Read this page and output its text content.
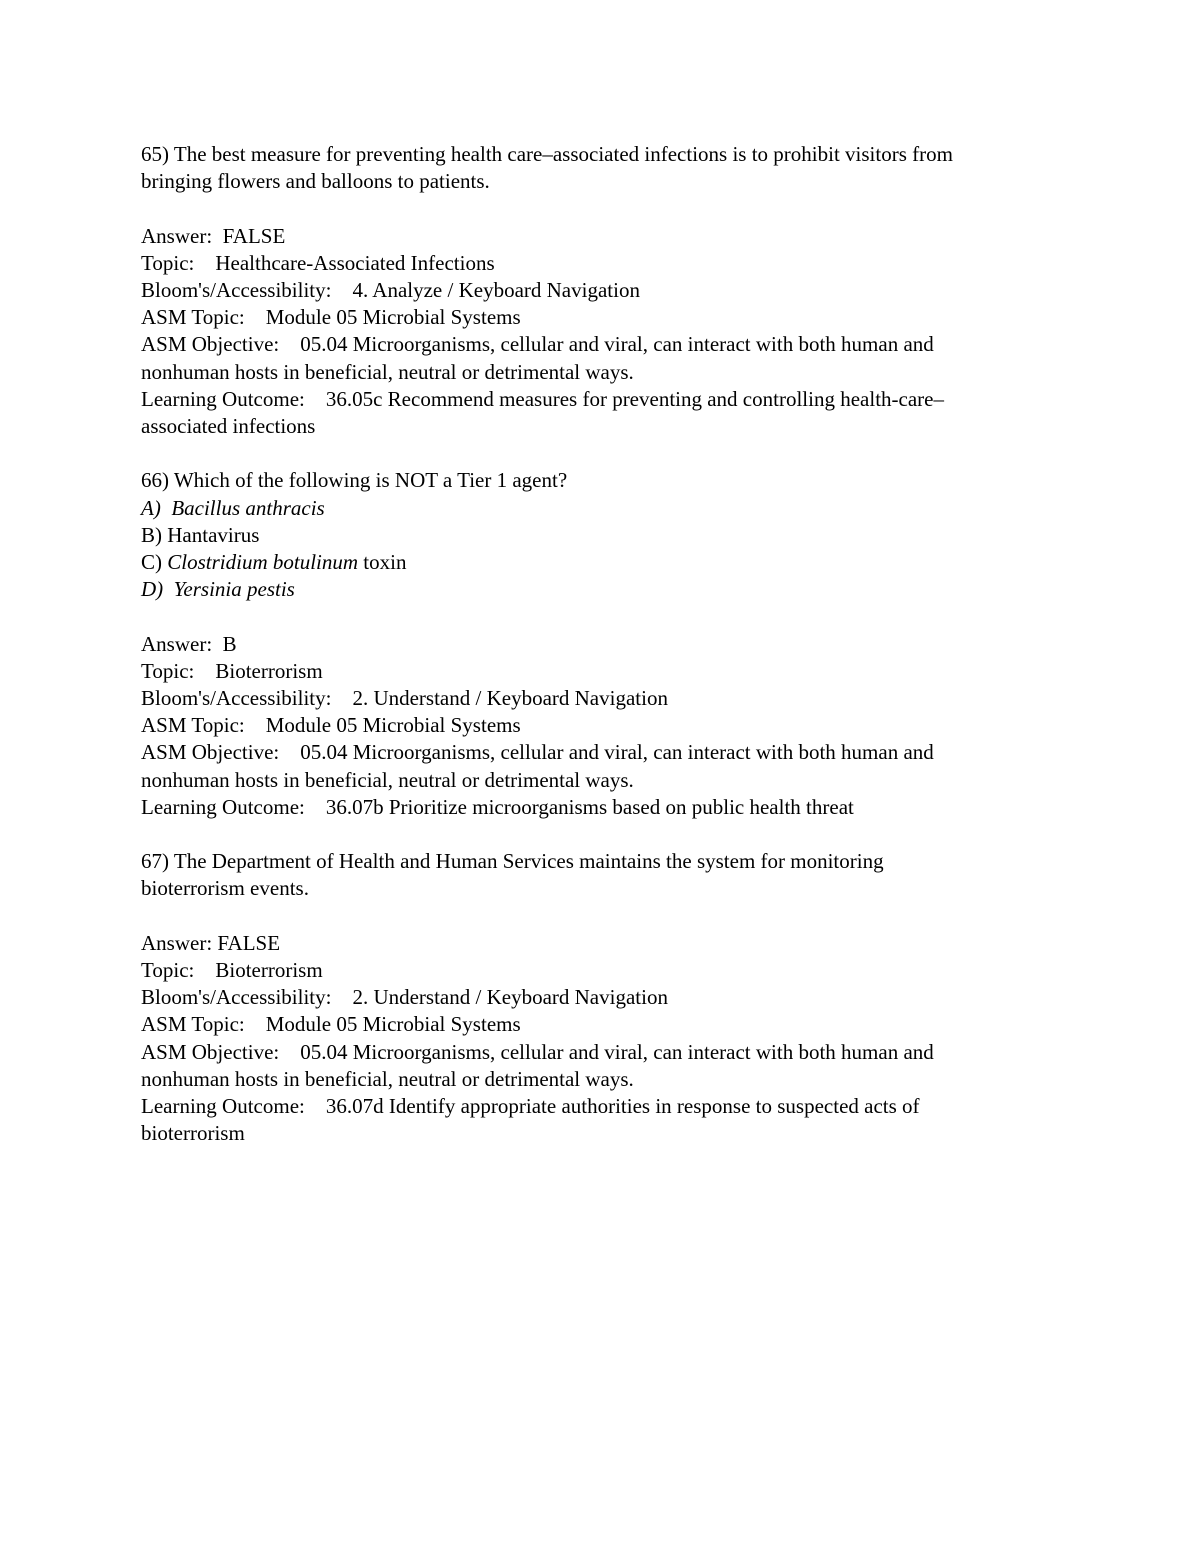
65) The best measure for preventing health care–associated infections is to prohibit visitors from
bringing flowers and balloons to patients.
Answer:  FALSE
Topic:    Healthcare-Associated Infections
Bloom's/Accessibility:    4. Analyze / Keyboard Navigation
ASM Topic:    Module 05 Microbial Systems
ASM Objective:    05.04 Microorganisms, cellular and viral, can interact with both human and
nonhuman hosts in beneficial, neutral or detrimental ways.
Learning Outcome:    36.05c Recommend measures for preventing and controlling health-care–
associated infections
66) Which of the following is NOT a Tier 1 agent?
A)  Bacillus anthracis
B) Hantavirus
C) Clostridium botulinum toxin
D)  Yersinia pestis
Answer:  B
Topic:    Bioterrorism
Bloom's/Accessibility:    2. Understand / Keyboard Navigation
ASM Topic:    Module 05 Microbial Systems
ASM Objective:    05.04 Microorganisms, cellular and viral, can interact with both human and
nonhuman hosts in beneficial, neutral or detrimental ways.
Learning Outcome:    36.07b Prioritize microorganisms based on public health threat
67) The Department of Health and Human Services maintains the system for monitoring
bioterrorism events.
Answer: FALSE
Topic:    Bioterrorism
Bloom's/Accessibility:    2. Understand / Keyboard Navigation
ASM Topic:    Module 05 Microbial Systems
ASM Objective:    05.04 Microorganisms, cellular and viral, can interact with both human and
nonhuman hosts in beneficial, neutral or detrimental ways.
Learning Outcome:    36.07d Identify appropriate authorities in response to suspected acts of
bioterrorism
